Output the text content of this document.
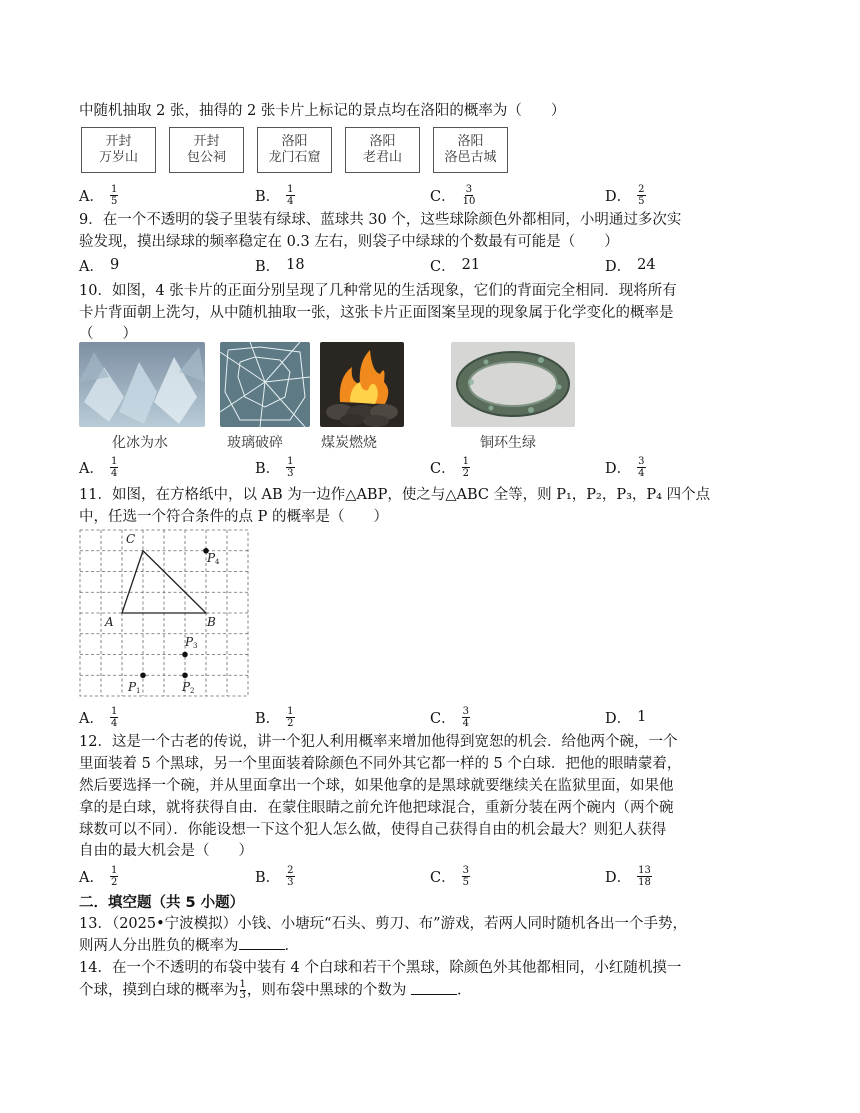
中随机抽取 2 张，抽得的 2 张卡片上标记的景点均在洛阳的概率为（　　）
开封
万岁山
开封
包公祠
洛阳
龙门石窟
洛阳
老君山
洛阳
洛邑古城
A． $\frac{1}{5}$	B． $\frac{1}{4}$	C． $\frac{3}{10}$	D． $\frac{2}{5}$
9．在一个不透明的袋子里装有绿球、蓝球共 30 个，这些球除颜色外都相同，小明通过多次实
验发现，摸出绿球的频率稳定在 0.3 左右，则袋子中绿球的个数最有可能是（　　）
A． 9	B． 18	C． 21	D． 24
10．如图，4 张卡片的正面分别呈现了几种常见的生活现象，它们的背面完全相同．现将所有
卡片背面朝上洗匀，从中随机抽取一张，这张卡片正面图案呈现的现象属于化学变化的概率是
（　　）
化冰为水	玻璃破碎	煤炭燃烧	铜环生绿
A． $\frac{1}{4}$	B． $\frac{1}{3}$	C． $\frac{1}{2}$	D． $\frac{3}{4}$
11．如图，在方格纸中，以 AB 为一边作△ABP，使之与△ABC 全等，则 P₁，P₂，P₃，P₄ 四个点
中，任选一个符合条件的点 P 的概率是（　　）
C
A	B
P
P
P	P
4
3
1	2
A． $\frac{1}{4}$	B． $\frac{1}{2}$	C． $\frac{3}{4}$	D． 1
12．这是一个古老的传说，讲一个犯人利用概率来增加他得到宽恕的机会．给他两个碗，一个
里面装着 5 个黑球，另一个里面装着除颜色不同外其它都一样的 5 个白球．把他的眼睛蒙着，
然后要选择一个碗，并从里面拿出一个球，如果他拿的是黑球就要继续关在监狱里面，如果他
拿的是白球，就将获得自由．在蒙住眼睛之前允许他把球混合，重新分装在两个碗内（两个碗
球数可以不同）．你能设想一下这个犯人怎么做，使得自己获得自由的机会最大？则犯人获得
自由的最大机会是（　　）
A． $\frac{1}{2}$	B． $\frac{2}{3}$	C． $\frac{3}{5}$	D． $\frac{13}{18}$
二．填空题（共 5 小题）
13．（2025•宁波模拟）小钱、小塘玩“石头、剪刀、布”游戏，若两人同时随机各出一个手势，
则两人分出胜负的概率为	．
14．在一个不透明的布袋中装有 4 个白球和若干个黑球，除颜色外其他都相同，小红随机摸一
个球，摸到白球的概率为 $\frac{1}{3}$ ，则布袋中黑球的个数为	．
